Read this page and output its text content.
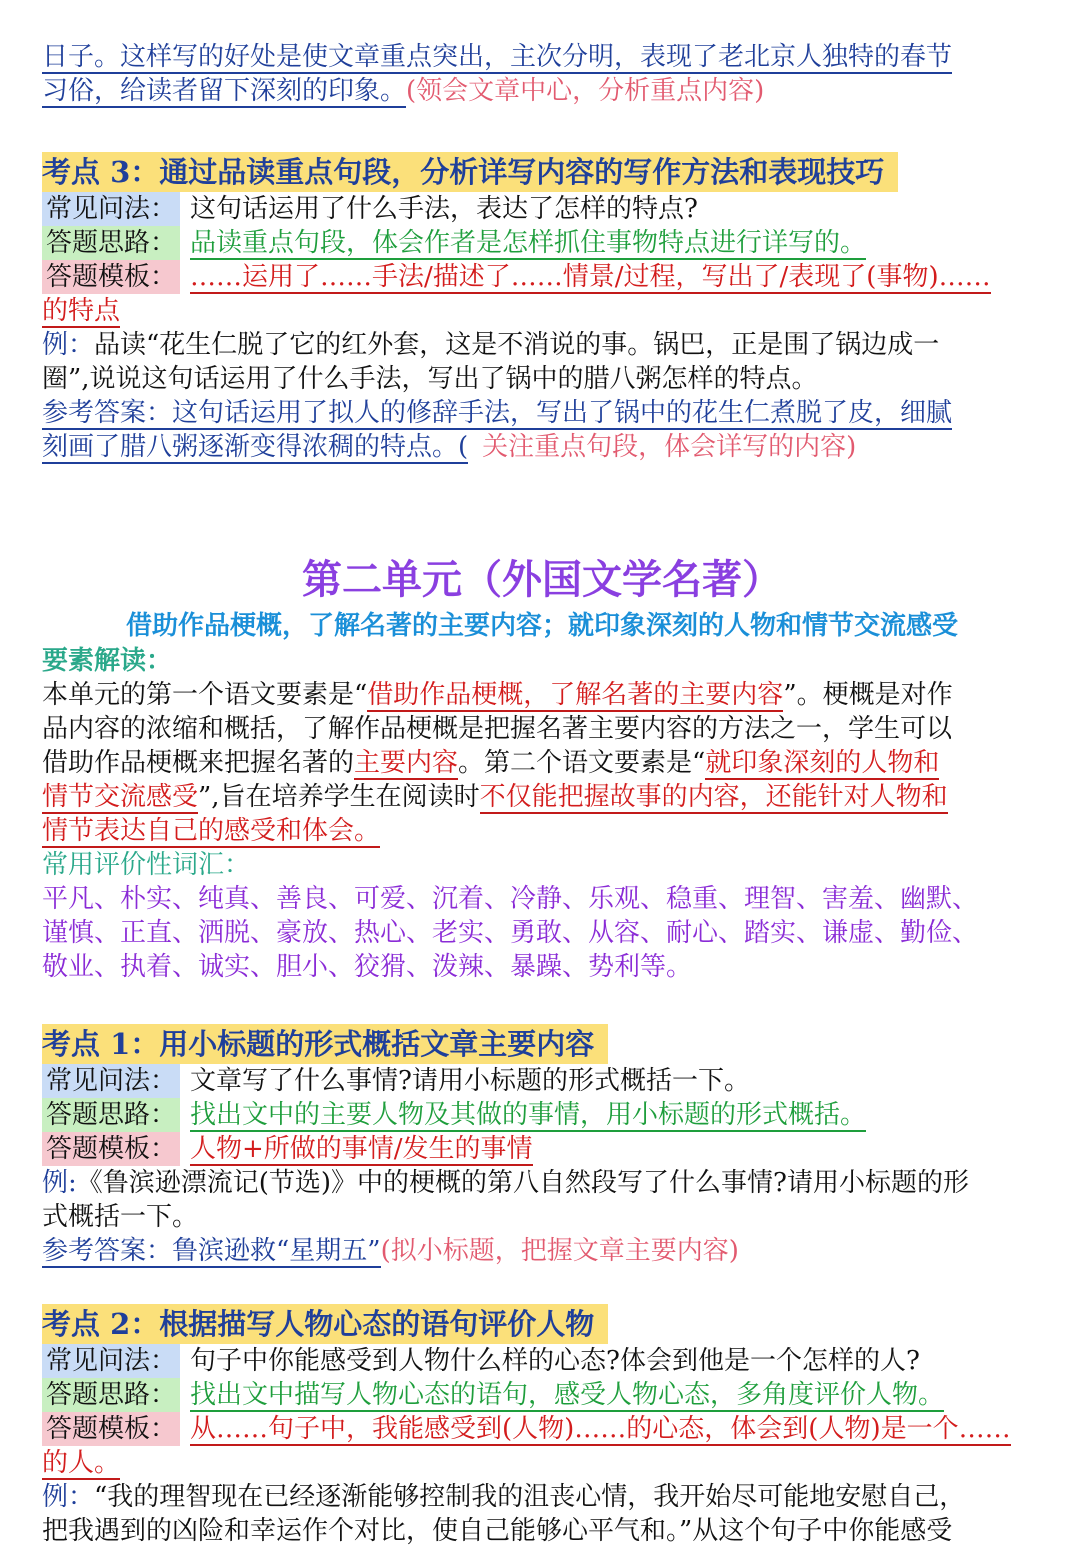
日子。这样写的好处是使文章重点突出，主次分明，表现了老北京人独特的春节
习俗，给读者留下深刻的印象。(领会文章中心，分析重点内容)
考点 3：通过品读重点句段，分析详写内容的写作方法和表现技巧
常见问法： 这句话运用了什么手法，表达了怎样的特点?
答题思路： 品读重点句段，体会作者是怎样抓住事物特点进行详写的。
答题模板： ……运用了……手法/描述了……情景/过程，写出了/表现了(事物)……
的特点
例：品读“花生仁脱了它的红外套，这是不消说的事。锅巴，正是围了锅边成一
圈”,说说这句话运用了什么手法，写出了锅中的腊八粥怎样的特点。
参考答案：这句话运用了拟人的修辞手法，写出了锅中的花生仁煮脱了皮，细腻
刻画了腊八粥逐渐变得浓稠的特点。( 关注重点句段，体会详写的内容)
第二单元（外国文学名著）
借助作品梗概，了解名著的主要内容；就印象深刻的人物和情节交流感受
要素解读：
本单元的第一个语文要素是“借助作品梗概，了解名著的主要内容”。梗概是对作
品内容的浓缩和概括，了解作品梗概是把握名著主要内容的方法之一，学生可以
借助作品梗概来把握名著的主要内容。第二个语文要素是“就印象深刻的人物和
情节交流感受”,旨在培养学生在阅读时不仅能把握故事的内容，还能针对人物和
情节表达自己的感受和体会。
常用评价性词汇：
平凡、朴实、纯真、善良、可爱、沉着、冷静、乐观、稳重、理智、害羞、幽默、
谨慎、正直、洒脱、豪放、热心、老实、勇敢、从容、耐心、踏实、谦虚、勤俭、
敬业、执着、诚实、胆小、狡猾、泼辣、暴躁、势利等。
考点 1：用小标题的形式概括文章主要内容
常见问法： 文章写了什么事情?请用小标题的形式概括一下。
答题思路： 找出文中的主要人物及其做的事情，用小标题的形式概括。
答题模板： 人物+所做的事情/发生的事情
例:《鲁滨逊漂流记(节选)》中的梗概的第八自然段写了什么事情?请用小标题的形
式概括一下。
参考答案：鲁滨逊救“星期五”(拟小标题，把握文章主要内容)
考点 2：根据描写人物心态的语句评价人物
常见问法： 句子中你能感受到人物什么样的心态?体会到他是一个怎样的人?
答题思路： 找出文中描写人物心态的语句，感受人物心态，多角度评价人物。
答题模板： 从……句子中，我能感受到(人物)……的心态，体会到(人物)是一个……
的人。
例：“我的理智现在已经逐渐能够控制我的沮丧心情，我开始尽可能地安慰自己，
把我遇到的凶险和幸运作个对比，使自己能够心平气和。”从这个句子中你能感受
